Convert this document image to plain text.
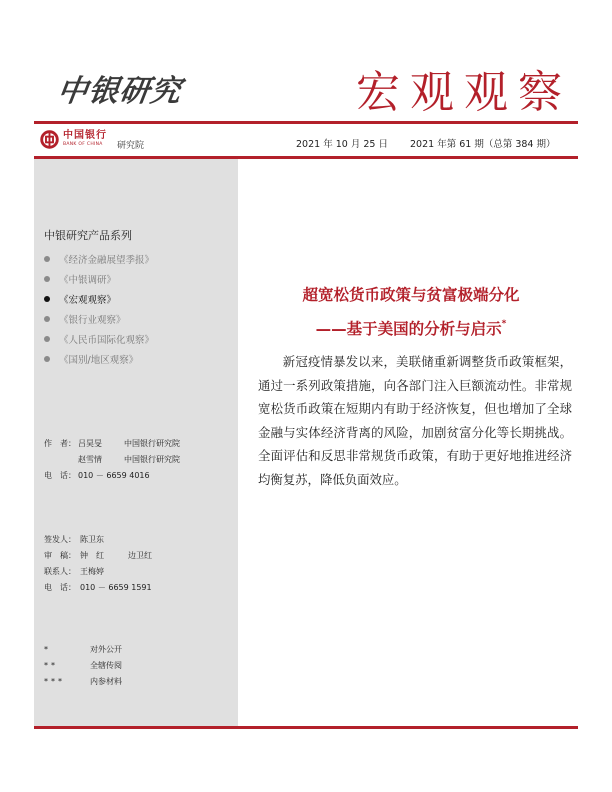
中银研究	宏观观察
中国银行
BANK OF CHINA	研究院	2021 年 10 月 25 日 2021 年第 61 期（总第 384 期）
中银研究产品系列
《经济金融展望季报》
《中银调研》
《宏观观察》
《银行业观察》
《人民币国际化观察》
《国别/地区观察》
作　者： 吕昊旻	中国银行研究院
赵雪情	中国银行研究院
电　话： 010 － 6659 4016
签发人： 陈卫东
审　稿： 钟　红	边卫红
联系人： 王梅婷
电　话： 010 － 6659 1591
*	对外公开
**	全辖传阅
***	内参材料
超宽松货币政策与贫富极端分化
——基于美国的分析与启示*

新冠疫情暴发以来，美联储重新调整货币政策框架，通过一系列政策措施，向各部门注入巨额流动性。非常规宽松货币政策在短期内有助于经济恢复，但也增加了全球金融与实体经济背离的风险，加剧贫富分化等长期挑战。全面评估和反思非常规货币政策，有助于更好地推进经济均衡复苏，降低负面效应。
